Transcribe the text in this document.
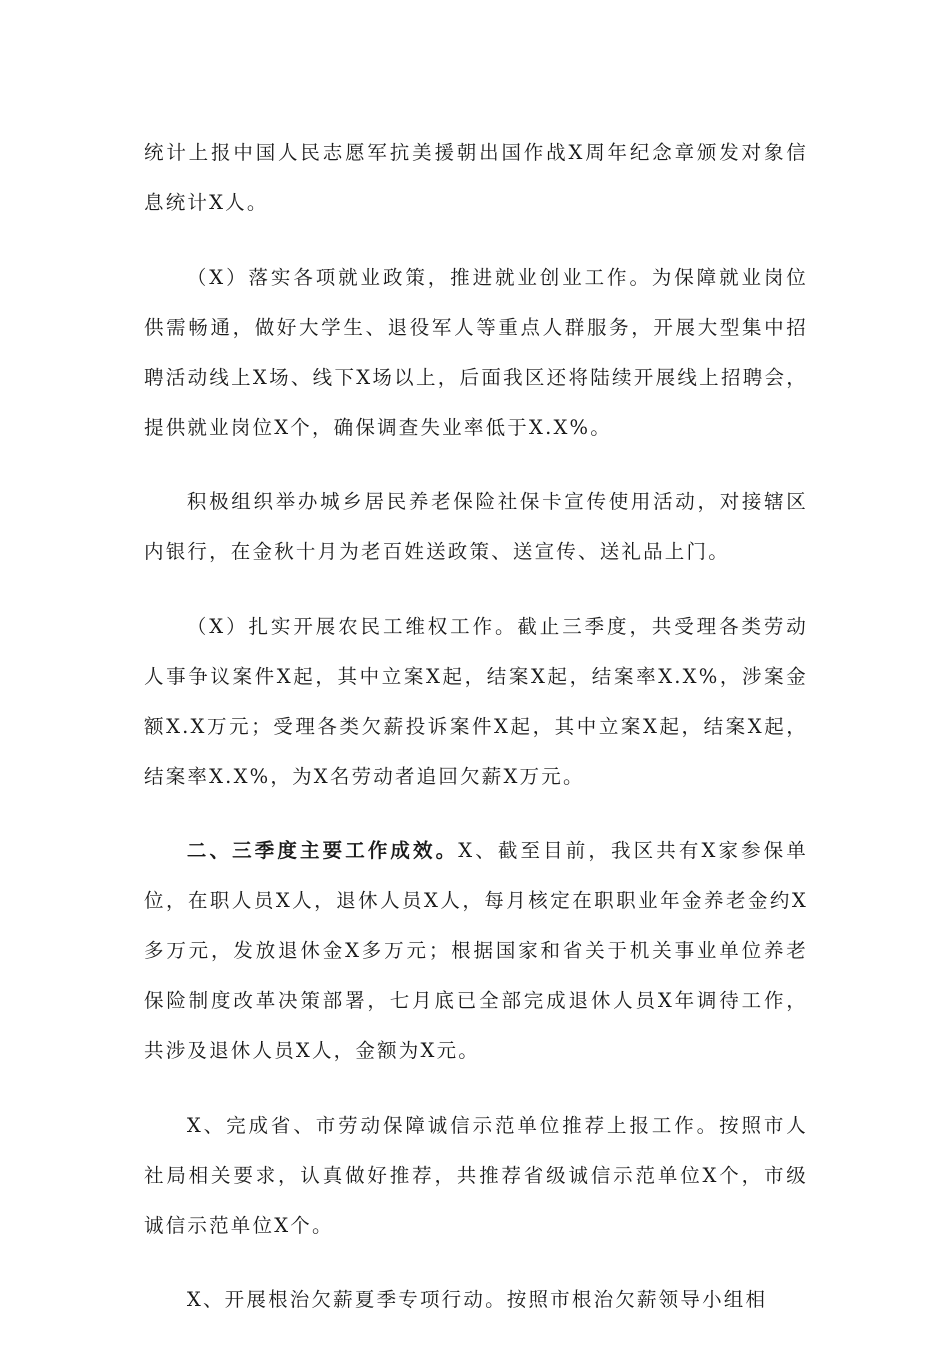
统计上报中国人民志愿军抗美援朝出国作战X周年纪念章颁发对象信息统计X人。

（X）落实各项就业政策，推进就业创业工作。为保障就业岗位供需畅通，做好大学生、退役军人等重点人群服务，开展大型集中招聘活动线上X场、线下X场以上，后面我区还将陆续开展线上招聘会，提供就业岗位X个，确保调查失业率低于X.X%。

积极组织举办城乡居民养老保险社保卡宣传使用活动，对接辖区内银行，在金秋十月为老百姓送政策、送宣传、送礼品上门。

（X）扎实开展农民工维权工作。截止三季度，共受理各类劳动人事争议案件X起，其中立案X起，结案X起，结案率X.X%，涉案金额X.X万元；受理各类欠薪投诉案件X起，其中立案X起，结案X起，结案率X.X%，为X名劳动者追回欠薪X万元。

二、三季度主要工作成效。X、截至目前，我区共有X家参保单位，在职人员X人，退休人员X人，每月核定在职职业年金养老金约X多万元，发放退休金X多万元；根据国家和省关于机关事业单位养老保险制度改革决策部署，七月底已全部完成退休人员X年调待工作，共涉及退休人员X人，金额为X元。

X、完成省、市劳动保障诚信示范单位推荐上报工作。按照市人社局相关要求，认真做好推荐，共推荐省级诚信示范单位X个，市级诚信示范单位X个。

X、开展根治欠薪夏季专项行动。按照市根治欠薪领导小组相
